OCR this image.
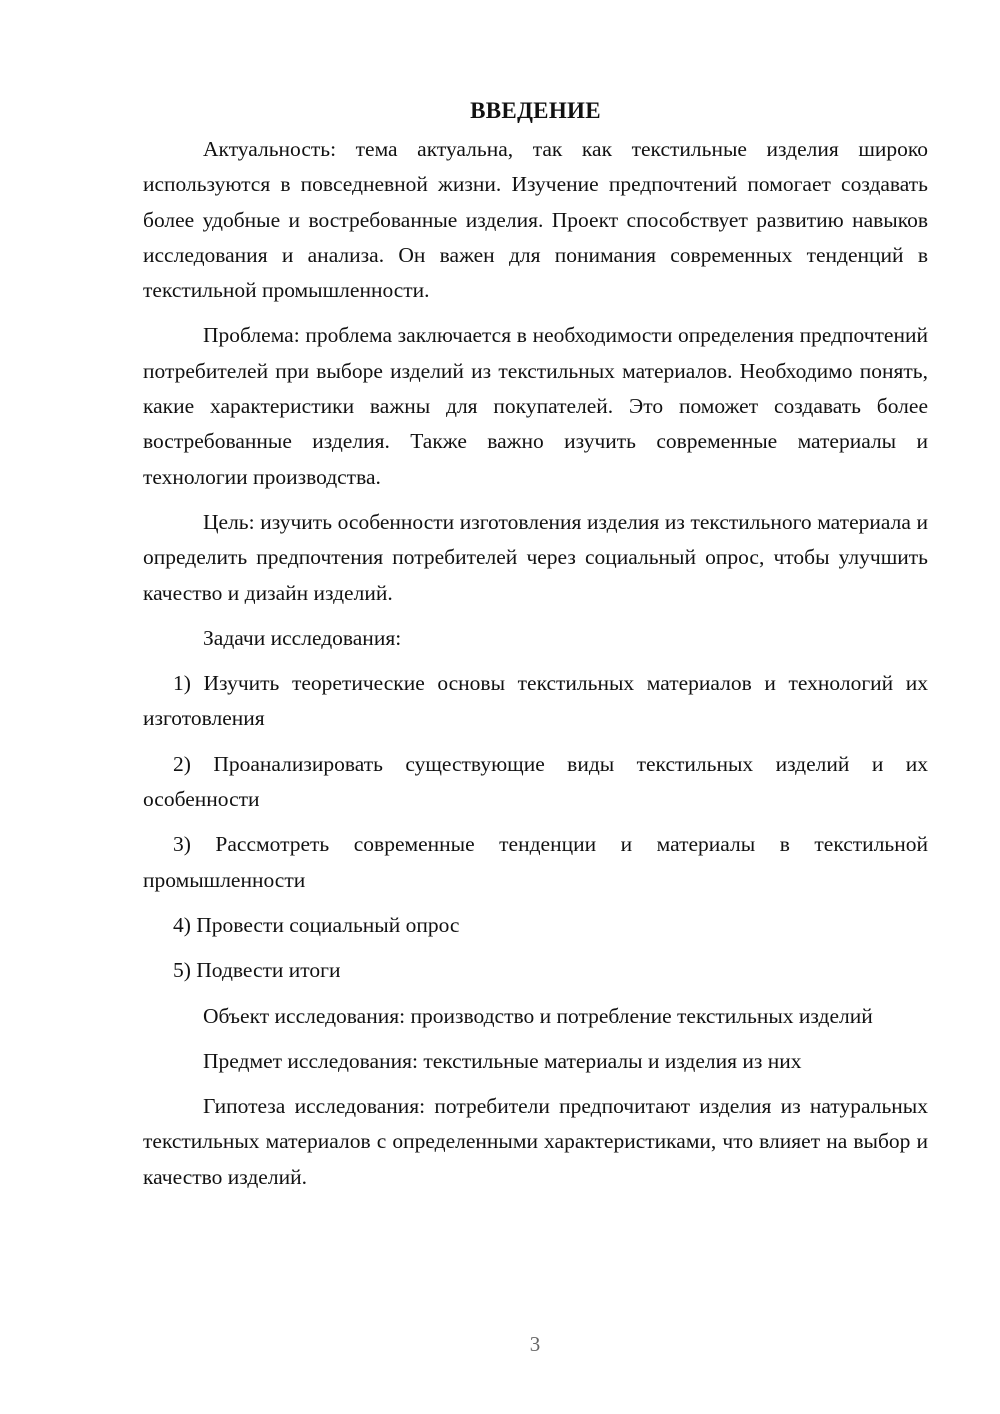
ВВЕДЕНИЕ

Актуальность: тема актуальна, так как текстильные изделия широко используются в повседневной жизни. Изучение предпочтений помогает создавать более удобные и востребованные изделия. Проект способствует развитию навыков исследования и анализа. Он важен для понимания современных тенденций в текстильной промышленности.

Проблема: проблема заключается в необходимости определения предпочтений потребителей при выборе изделий из текстильных материалов. Необходимо понять, какие характеристики важны для покупателей. Это поможет создавать более востребованные изделия. Также важно изучить современные материалы и технологии производства.

Цель: изучить особенности изготовления изделия из текстильного материала и определить предпочтения потребителей через социальный опрос, чтобы улучшить качество и дизайн изделий.

Задачи исследования:

1) Изучить теоретические основы текстильных материалов и технологий их изготовления

2) Проанализировать существующие виды текстильных изделий и их особенности

3) Рассмотреть современные тенденции и материалы в текстильной промышленности

4) Провести социальный опрос

5) Подвести итоги

Объект исследования: производство и потребление текстильных изделий

Предмет исследования: текстильные материалы и изделия из них

Гипотеза исследования: потребители предпочитают изделия из натуральных текстильных материалов с определенными характеристиками, что влияет на выбор и качество изделий.

3
